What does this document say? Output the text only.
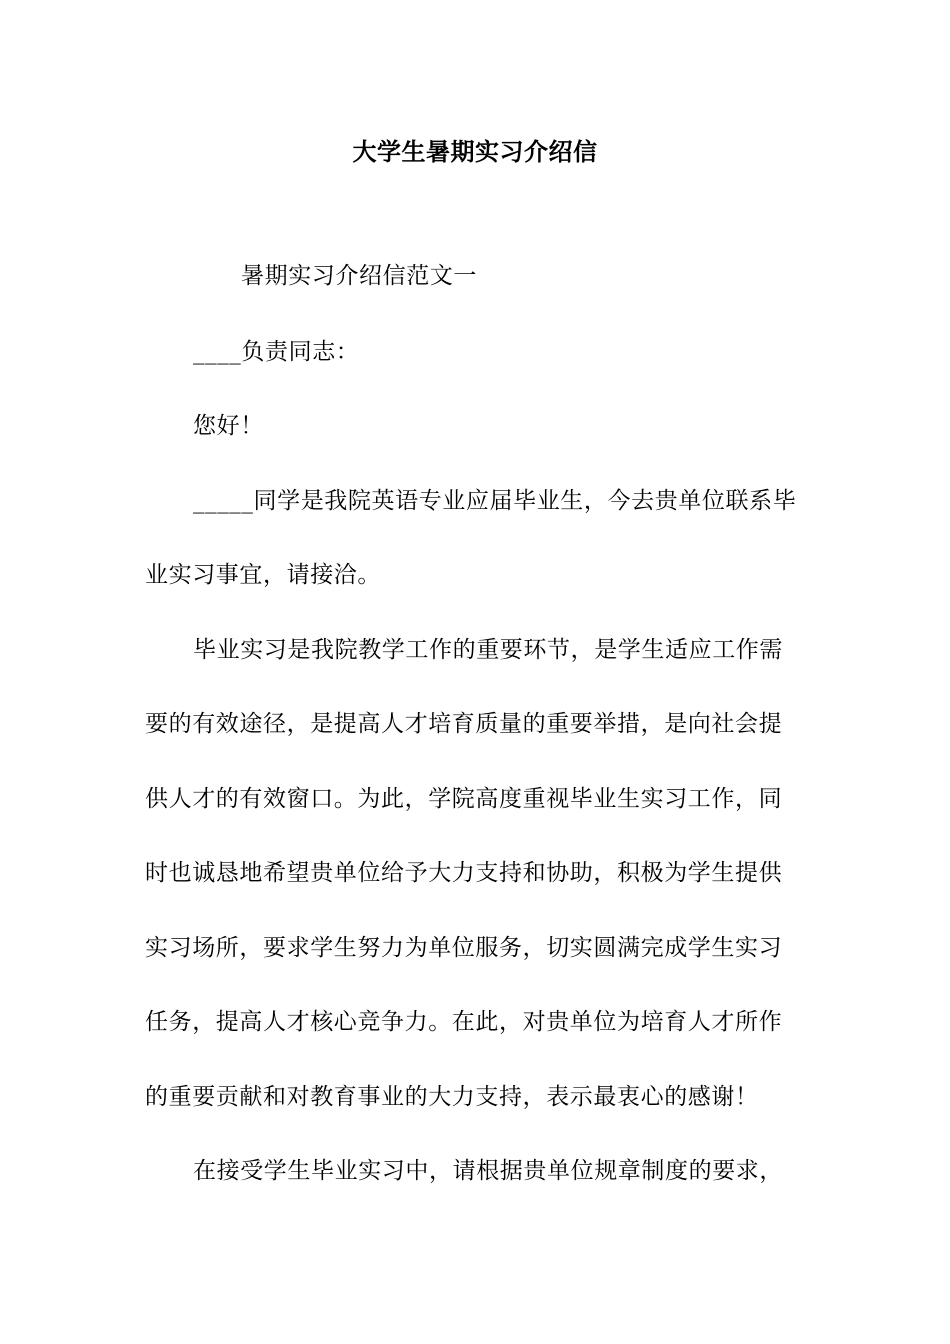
大学生暑期实习介绍信
暑期实习介绍信范文一
____负责同志：
您好！
_____同学是我院英语专业应届毕业生，今去贵单位联系毕
业实习事宜，请接洽。
毕业实习是我院教学工作的重要环节，是学生适应工作需
要的有效途径，是提高人才培育质量的重要举措，是向社会提
供人才的有效窗口。为此，学院高度重视毕业生实习工作，同
时也诚恳地希望贵单位给予大力支持和协助，积极为学生提供
实习场所，要求学生努力为单位服务，切实圆满完成学生实习
任务，提高人才核心竞争力。在此，对贵单位为培育人才所作
的重要贡献和对教育事业的大力支持，表示最衷心的感谢！
在接受学生毕业实习中，请根据贵单位规章制度的要求，
